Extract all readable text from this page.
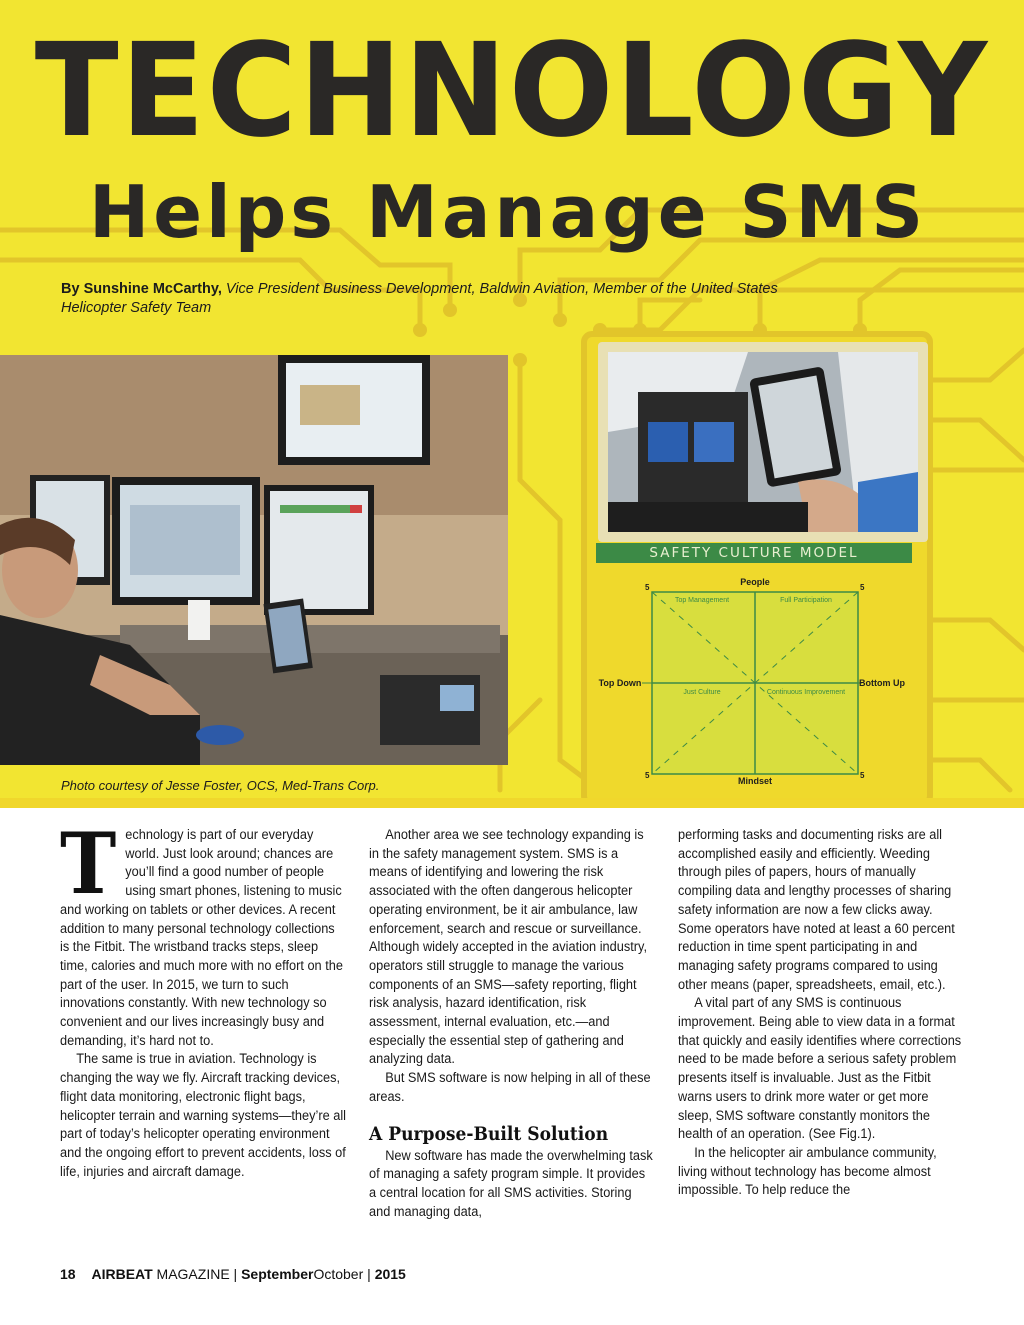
TECHNOLOGY
Helps Manage SMS
By Sunshine McCarthy, Vice President Business Development, Baldwin Aviation, Member of the United States Helicopter Safety Team
Photo courtesy of Jesse Foster, OCS, Med-Trans Corp.
SAFETY CULTURE MODEL
People
Mindset
Top Down	Bottom Up
Top Management	Full Participation
Just Culture	Continuous Improvement
5	5
5	5

Technology is part of our everyday world. Just look around; chances are you’ll find a good number of people using smart phones, listening to music and working on tablets or other devices. A recent addition to many personal technology collections is the Fitbit. The wristband tracks steps, sleep time, calories and much more with no effort on the part of the user. In 2015, we turn to such innovations constantly. With new technology so convenient and our lives increasingly busy and demanding, it’s hard not to.

The same is true in aviation. Technology is changing the way we fly. Aircraft tracking devices, flight data monitoring, electronic flight bags, helicopter terrain and warning systems—they’re all part of today’s helicopter operating environment and the ongoing effort to prevent accidents, loss of life, injuries and aircraft damage.

Another area we see technology expanding is in the safety management system. SMS is a means of identifying and lowering the risk associated with the often dangerous helicopter operating environment, be it air ambulance, law enforcement, search and rescue or surveillance. Although widely accepted in the aviation industry, operators still struggle to manage the various components of an SMS—safety reporting, flight risk analysis, hazard identification, risk assessment, internal evaluation, etc.—and especially the essential step of gathering and analyzing data.

But SMS software is now helping in all of these areas.

A Purpose-Built Solution

New software has made the overwhelming task of managing a safety program simple. It provides a central location for all SMS activities. Storing and managing data,

performing tasks and documenting risks are all accomplished easily and efficiently. Weeding through piles of papers, hours of manually compiling data and lengthy processes of sharing safety information are now a few clicks away. Some operators have noted at least a 60 percent reduction in time spent participating in and managing safety programs compared to using other means (paper, spreadsheets, email, etc.).

A vital part of any SMS is continuous improvement. Being able to view data in a format that quickly and easily identifies where corrections need to be made before a serious safety problem presents itself is invaluable. Just as the Fitbit warns users to drink more water or get more sleep, SMS software constantly monitors the health of an operation. (See Fig.1).

In the helicopter air ambulance community, living without technology has become almost impossible. To help reduce the

18 AIRBEAT MAGAZINE | SeptemberOctober | 2015
